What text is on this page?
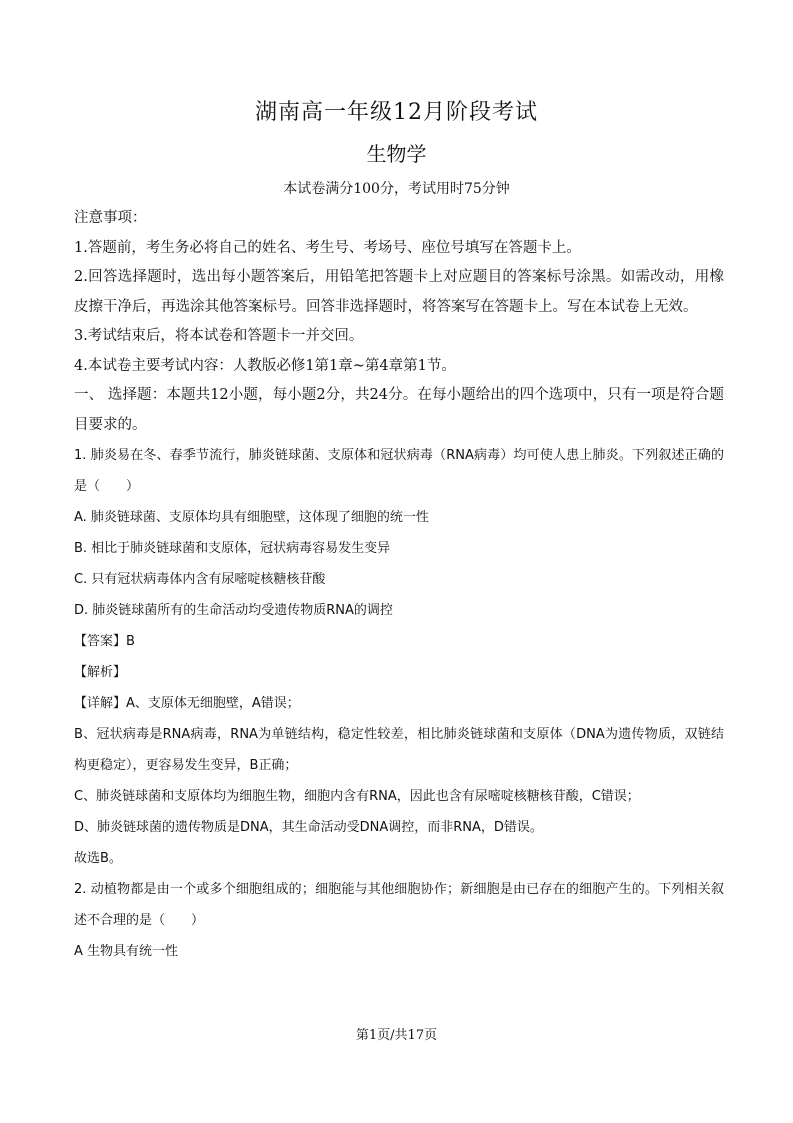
湖南高一年级12月阶段考试
生物学
本试卷满分100分，考试用时75分钟

注意事项：

1.答题前，考生务必将自己的姓名、考生号、考场号、座位号填写在答题卡上。

2.回答选择题时，选出每小题答案后，用铅笔把答题卡上对应题目的答案标号涂黑。如需改动，用橡皮擦干净后，再选涂其他答案标号。回答非选择题时，将答案写在答题卡上。写在本试卷上无效。

3.考试结束后，将本试卷和答题卡一并交回。

4.本试卷主要考试内容：人教版必修1第1章~第4章第1节。

一、 选择题：本题共12小题，每小题2分，共24分。在每小题给出的四个选项中，只有一项是符合题目要求的。

1. 肺炎易在冬、春季节流行，肺炎链球菌、支原体和冠状病毒（RNA病毒）均可使人患上肺炎。下列叙述正确的是（　　）

A. 肺炎链球菌、支原体均具有细胞壁，这体现了细胞的统一性

B. 相比于肺炎链球菌和支原体，冠状病毒容易发生变异

C. 只有冠状病毒体内含有尿嘧啶核糖核苷酸

D. 肺炎链球菌所有的生命活动均受遗传物质RNA的调控

【答案】B

【解析】

【详解】A、支原体无细胞壁，A错误；

B、冠状病毒是RNA病毒，RNA为单链结构，稳定性较差，相比肺炎链球菌和支原体（DNA为遗传物质，双链结构更稳定），更容易发生变异，B正确；

C、肺炎链球菌和支原体均为细胞生物，细胞内含有RNA，因此也含有尿嘧啶核糖核苷酸，C错误；

D、肺炎链球菌的遗传物质是DNA，其生命活动受DNA调控，而非RNA，D错误。

故选B。

2. 动植物都是由一个或多个细胞组成的；细胞能与其他细胞协作；新细胞是由已存在的细胞产生的。下列相关叙述不合理的是（　　）

A 生物具有统一性

第1页/共17页
